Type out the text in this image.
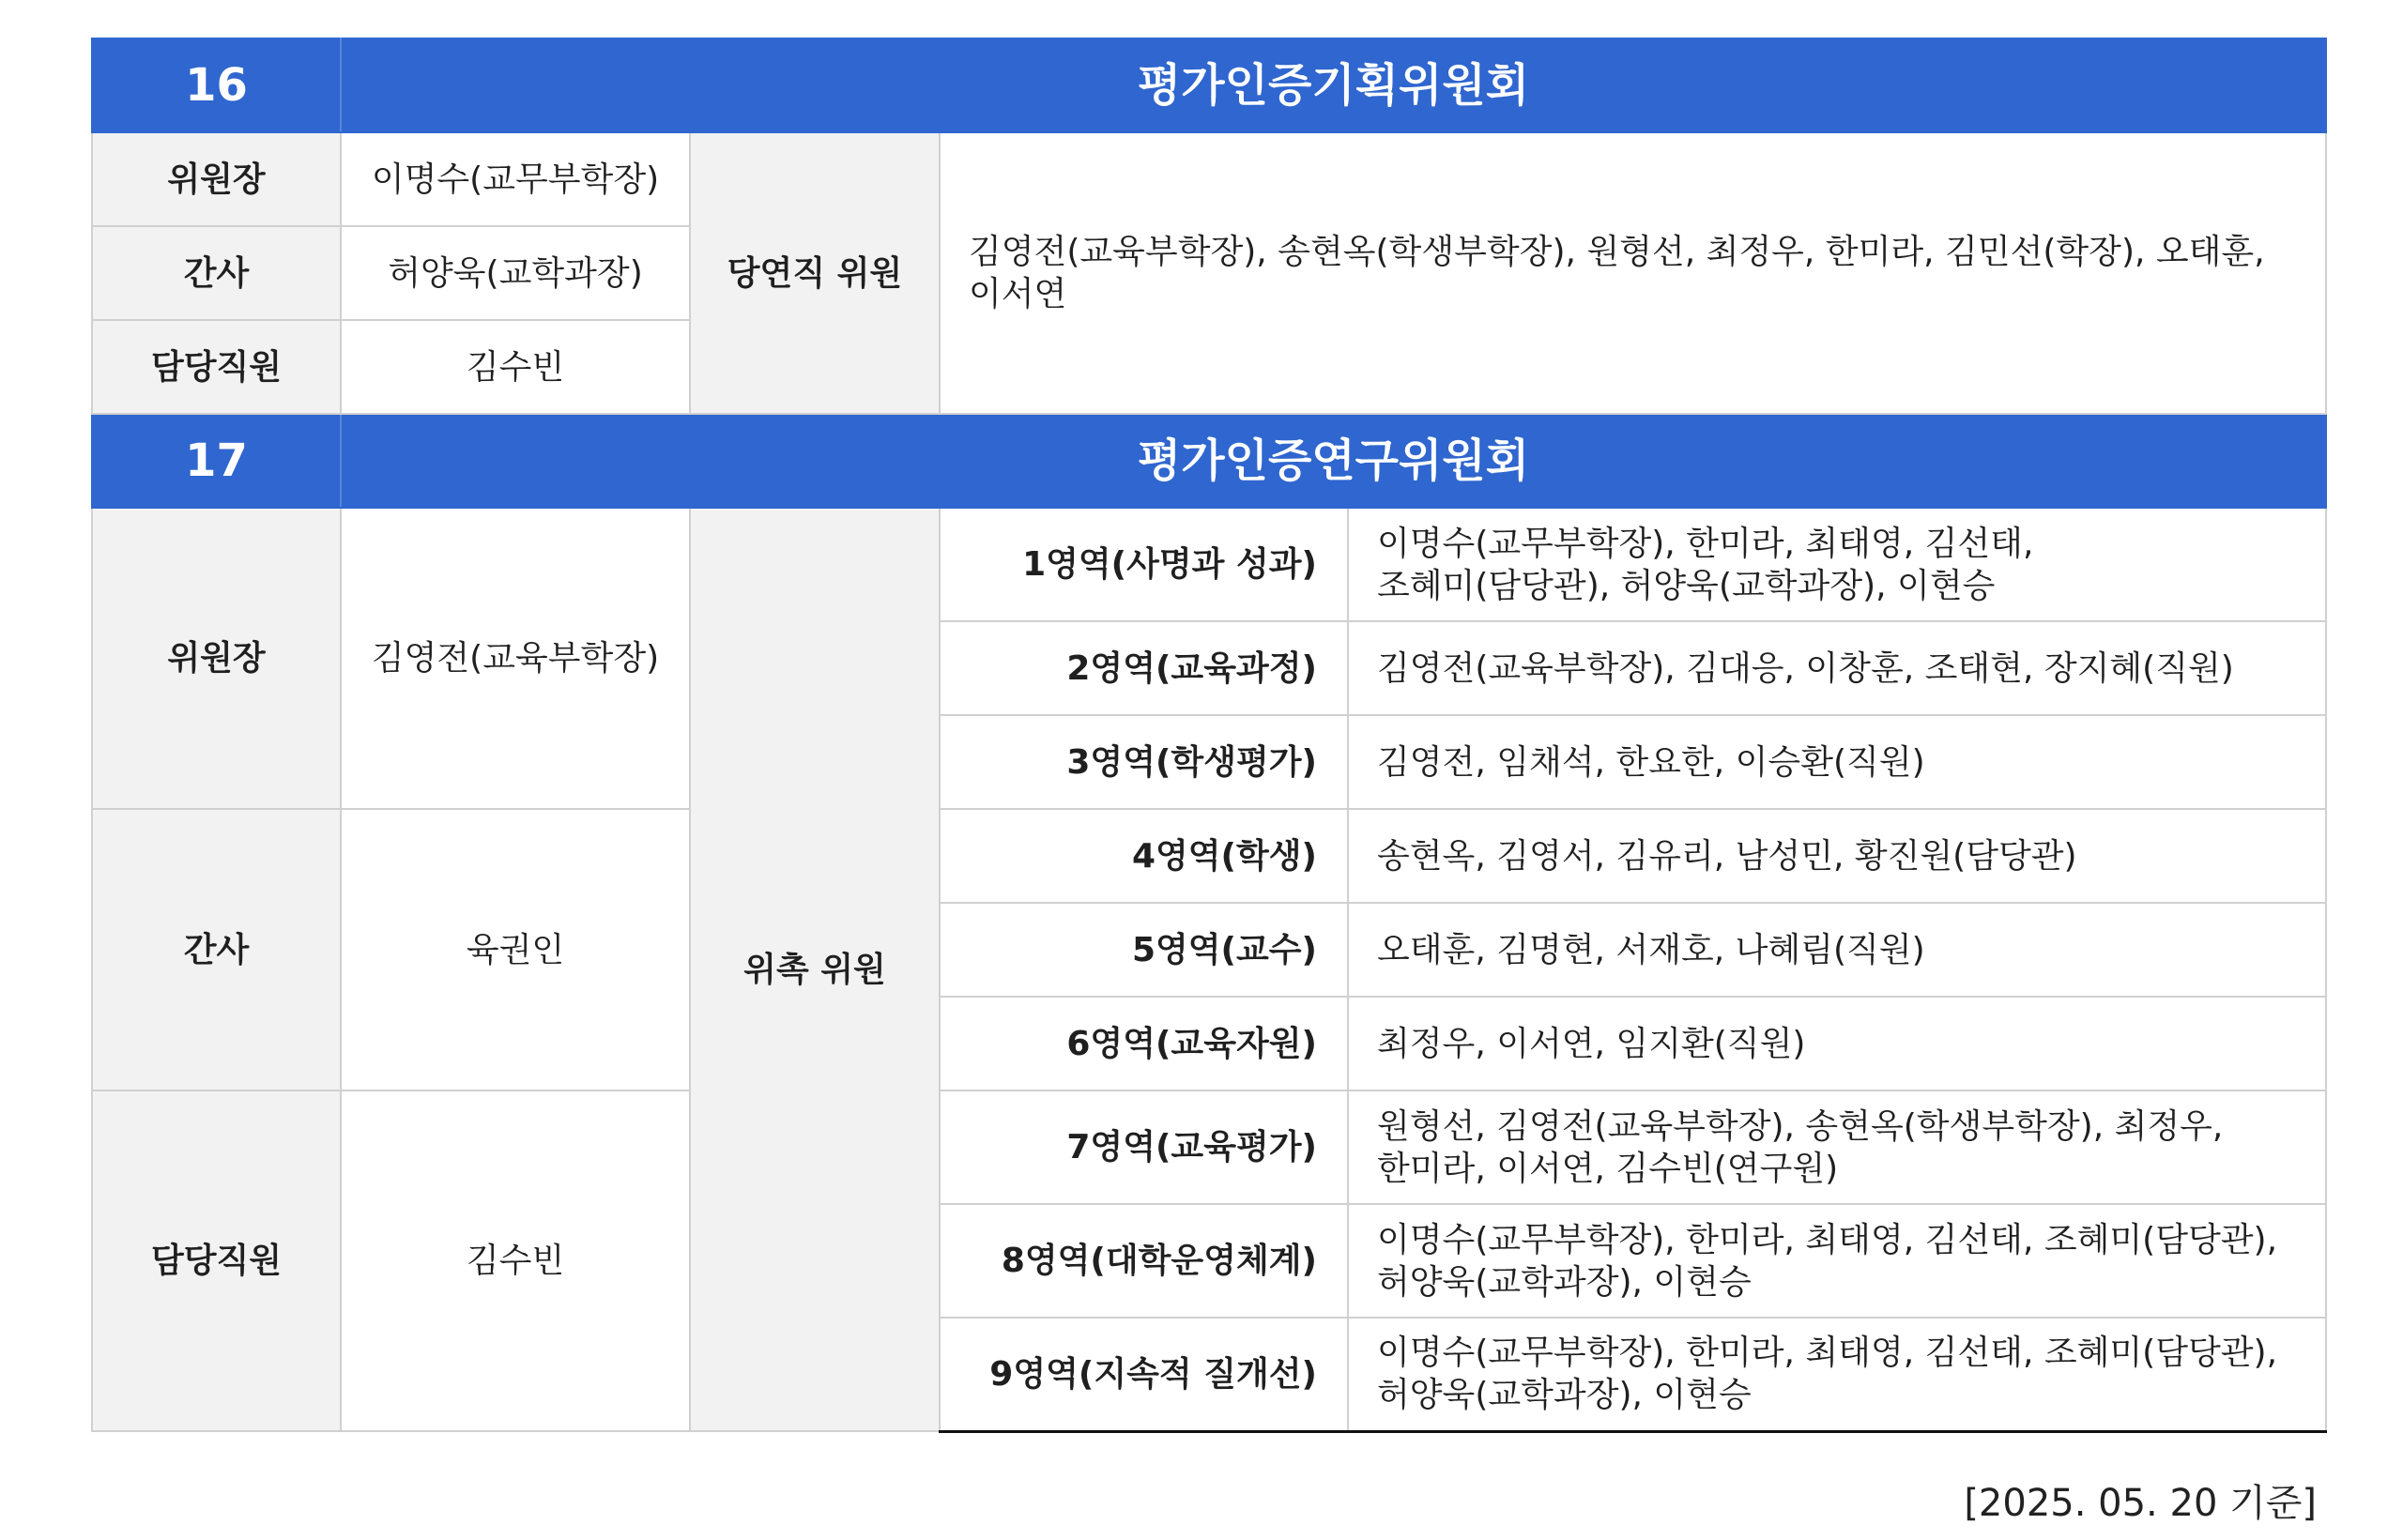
16	평가인증기획위원회			
위원장	이명수(교무부학장)	당연직 위원	김영전(교육부학장), 송현옥(학생부학장), 원형선, 최정우, 한미라, 김민선(학장), 오태훈, 이서연	
간사	허양욱(교학과장)			
담당직원	김수빈			
17	평가인증연구위원회			
위원장	김영전(교육부학장)	위촉 위원	1영역(사명과 성과)	이명수(교무부학장), 한미라, 최태영, 김선태,
조혜미(담당관), 허양욱(교학과장), 이현승
			2영역(교육과정)	김영전(교육부학장), 김대응, 이창훈, 조태현, 장지혜(직원)
			3영역(학생평가)	김영전, 임채석, 한요한, 이승환(직원)
간사	육권인		4영역(학생)	송현옥, 김영서, 김유리, 남성민, 황진원(담당관)
			5영역(교수)	오태훈, 김명현, 서재호, 나혜림(직원)
			6영역(교육자원)	최정우, 이서연, 임지환(직원)
담당직원	김수빈		7영역(교육평가)	원형선, 김영전(교육부학장), 송현옥(학생부학장), 최정우,
한미라, 이서연, 김수빈(연구원)
			8영역(대학운영체계)	이명수(교무부학장), 한미라, 최태영, 김선태, 조혜미(담당관),
허양욱(교학과장), 이현승
			9영역(지속적 질개선)	이명수(교무부학장), 한미라, 최태영, 김선태, 조혜미(담당관),
허양욱(교학과장), 이현승
[2025. 05. 20 기준]
